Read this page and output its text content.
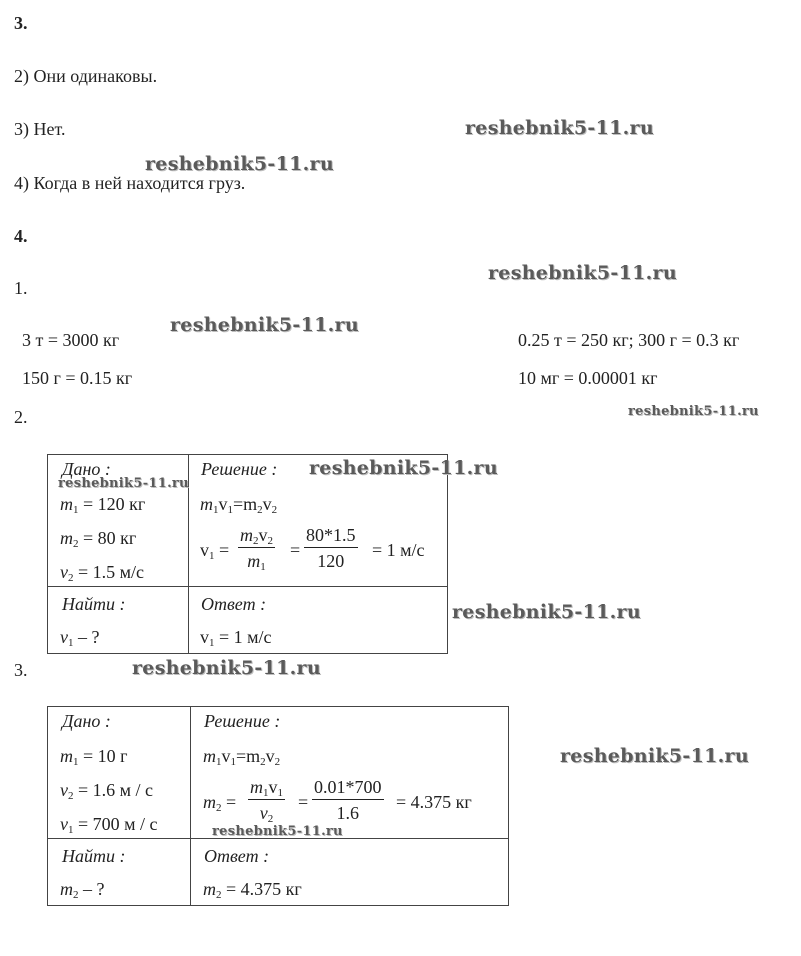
3.
2) Они одинаковы.
3) Нет.
4) Когда в ней находится груз.
4.
1.
3 т = 3000 кг	0.25 т = 250 кг; 300 г = 0.3 кг
150 г = 0.15 кг	10 мг = 0.00001 кг
2.
Дано :
$m_1 = 120$ кг
$m_2 = 80$ кг
$v_2 = 1.5$ м/с
Найти :
$v_1$ – ?
Решение :
$m_1v_1=m_2v_2$
$v_1 = \frac{m_2v_2}{m_1} = \frac{80*1.5}{120} = 1$ м/с
Ответ :
$v_1 = 1$ м/с
3.
Дано :
$m_1 = 10$ г
$v_2 = 1.6$ м / с
$v_1 = 700$ м / с
Найти :
$m_2$ – ?
Решение :
$m_1v_1=m_2v_2$
$m_2 = \frac{m_1v_1}{v_2} = \frac{0.01*700}{1.6} = 4.375$ кг
Ответ :
$m_2 = 4.375$ кг
reshebnik5-11.ru
reshebnik5-11.ru
reshebnik5-11.ru
reshebnik5-11.ru
reshebnik5-11.ru
reshebnik5-11.ru
reshebnik5-11.ru
reshebnik5-11.ru
reshebnik5-11.ru
reshebnik5-11.ru
reshebnik5-11.ru
